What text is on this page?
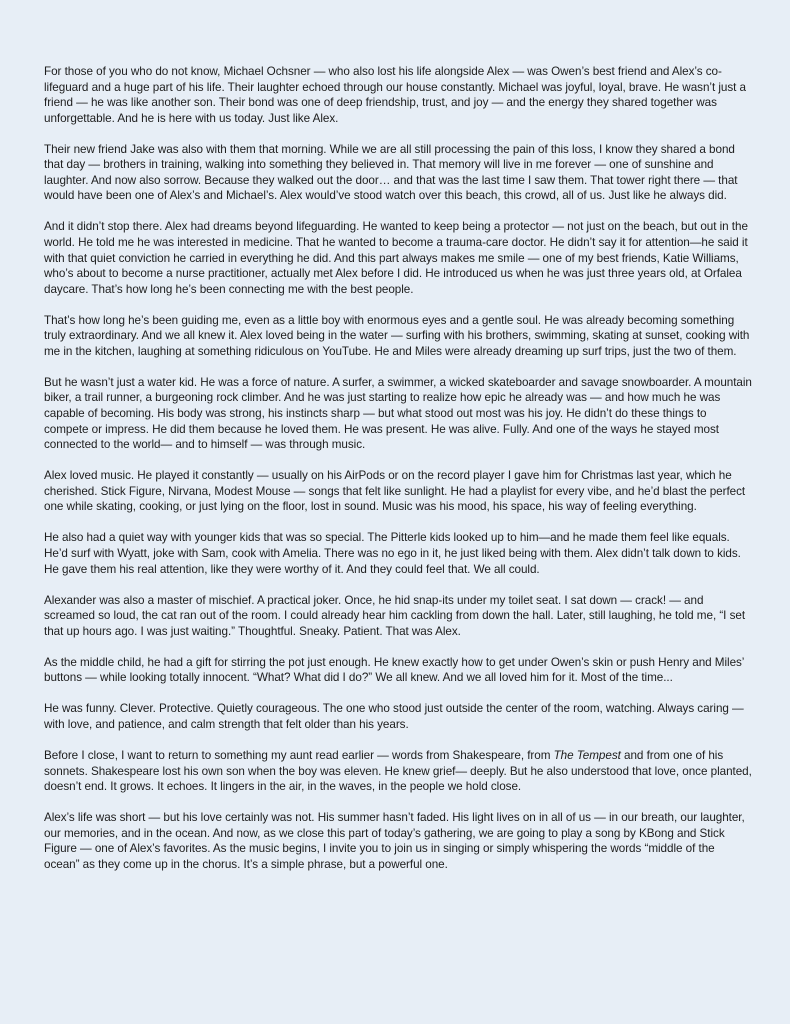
For those of you who do not know, Michael Ochsner — who also lost his life alongside Alex — was Owen’s best friend and Alex’s co-lifeguard and a huge part of his life. Their laughter echoed through our house constantly. Michael was joyful, loyal, brave. He wasn’t just a friend — he was like another son. Their bond was one of deep friendship, trust, and joy — and the energy they shared together was unforgettable. And he is here with us today. Just like Alex.

Their new friend Jake was also with them that morning. While we are all still processing the pain of this loss, I know they shared a bond that day — brothers in training, walking into something they believed in. That memory will live in me forever — one of sunshine and laughter. And now also sorrow. Because they walked out the door… and that was the last time I saw them. That tower right there — that would have been one of Alex’s and Michael’s. Alex would’ve stood watch over this beach, this crowd, all of us. Just like he always did.

And it didn’t stop there. Alex had dreams beyond lifeguarding. He wanted to keep being a protector — not just on the beach, but out in the world. He told me he was interested in medicine. That he wanted to become a trauma-care doctor. He didn’t say it for attention—he said it with that quiet conviction he carried in everything he did. And this part always makes me smile — one of my best friends, Katie Williams, who’s about to become a nurse practitioner, actually met Alex before I did. He introduced us when he was just three years old, at Orfalea daycare. That’s how long he’s been connecting me with the best people.

That’s how long he’s been guiding me, even as a little boy with enormous eyes and a gentle soul. He was already becoming something truly extraordinary. And we all knew it. Alex loved being in the water — surfing with his brothers, swimming, skating at sunset, cooking with me in the kitchen, laughing at something ridiculous on YouTube. He and Miles were already dreaming up surf trips, just the two of them.

But he wasn’t just a water kid. He was a force of nature. A surfer, a swimmer, a wicked skateboarder and savage snowboarder. A mountain biker, a trail runner, a burgeoning rock climber. And he was just starting to realize how epic he already was — and how much he was capable of becoming. His body was strong, his instincts sharp — but what stood out most was his joy. He didn’t do these things to compete or impress. He did them because he loved them. He was present. He was alive. Fully. And one of the ways he stayed most connected to the world— and to himself — was through music.

Alex loved music. He played it constantly — usually on his AirPods or on the record player I gave him for Christmas last year, which he cherished. Stick Figure, Nirvana, Modest Mouse — songs that felt like sunlight. He had a playlist for every vibe, and he’d blast the perfect one while skating, cooking, or just lying on the floor, lost in sound. Music was his mood, his space, his way of feeling everything.

He also had a quiet way with younger kids that was so special. The Pitterle kids looked up to him—and he made them feel like equals. He’d surf with Wyatt, joke with Sam, cook with Amelia. There was no ego in it, he just liked being with them. Alex didn’t talk down to kids. He gave them his real attention, like they were worthy of it. And they could feel that. We all could.

Alexander was also a master of mischief. A practical joker. Once, he hid snap-its under my toilet seat. I sat down — crack! — and screamed so loud, the cat ran out of the room. I could already hear him cackling from down the hall. Later, still laughing, he told me, “I set that up hours ago. I was just waiting.” Thoughtful. Sneaky. Patient. That was Alex.

As the middle child, he had a gift for stirring the pot just enough. He knew exactly how to get under Owen’s skin or push Henry and Miles’ buttons — while looking totally innocent. “What? What did I do?” We all knew. And we all loved him for it. Most of the time...

He was funny. Clever. Protective. Quietly courageous. The one who stood just outside the center of the room, watching. Always caring — with love, and patience, and calm strength that felt older than his years.

Before I close, I want to return to something my aunt read earlier — words from Shakespeare, from The Tempest and from one of his sonnets. Shakespeare lost his own son when the boy was eleven. He knew grief— deeply. But he also understood that love, once planted, doesn’t end. It grows. It echoes. It lingers in the air, in the waves, in the people we hold close.

Alex’s life was short — but his love certainly was not. His summer hasn’t faded. His light lives on in all of us — in our breath, our laughter, our memories, and in the ocean. And now, as we close this part of today’s gathering, we are going to play a song by KBong and Stick Figure — one of Alex’s favorites. As the music begins, I invite you to join us in singing or simply whispering the words “middle of the ocean” as they come up in the chorus. It’s a simple phrase, but a powerful one.
